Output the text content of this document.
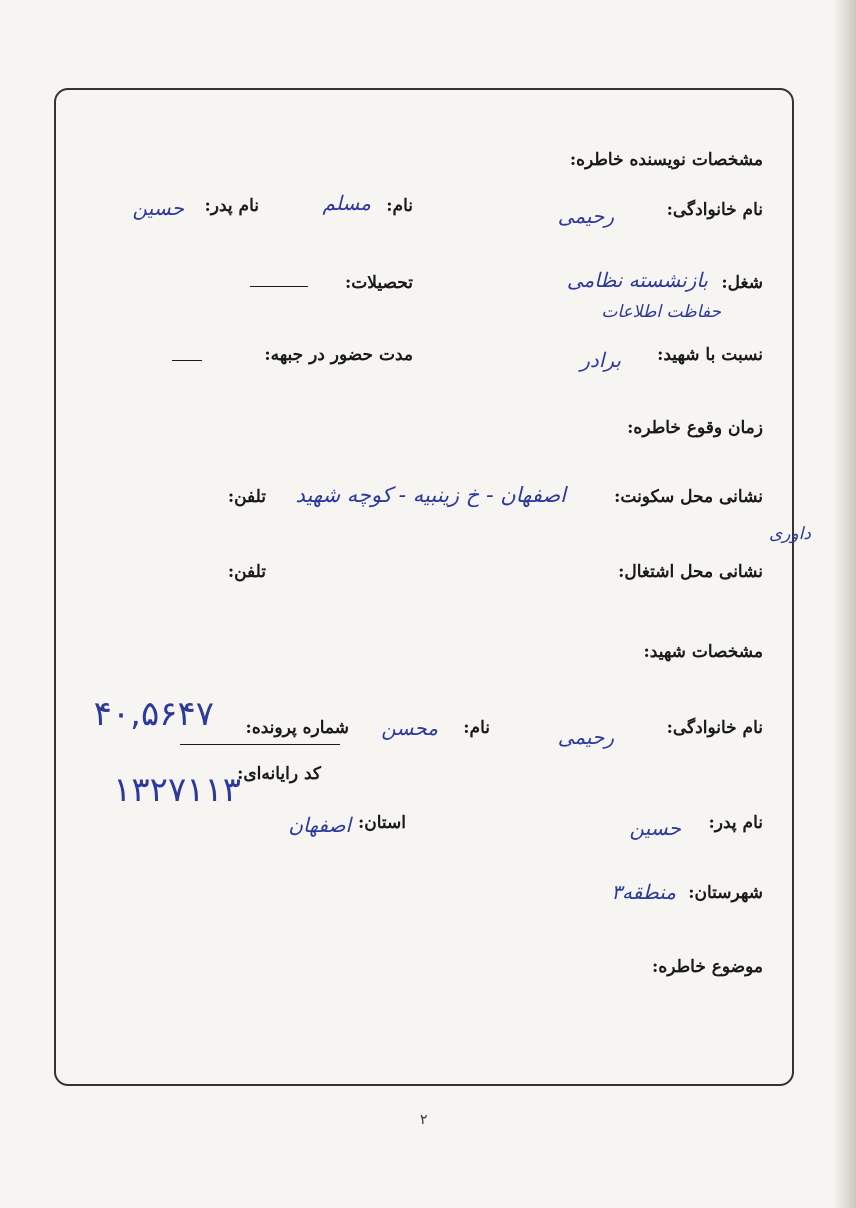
مشخصات نویسنده خاطره:
نام خانوادگی:
رحیمی
نام:
مسلم
نام پدر:
حسین
شغل:
بازنشسته نظامی
حفاظت اطلاعات
تحصیلات:
نسبت با شهید:
برادر
مدت حضور در جبهه:
زمان وقوع خاطره:
نشانی محل سکونت:
اصفهان - خ زینبیه - کوچه شهید
داوری
تلفن:
نشانی محل اشتغال:
تلفن:
مشخصات شهید:
نام خانوادگی:
رحیمی
نام:
محسن
شماره پرونده:
۴۰,۵۶۴۷
کد رایانه‌ای:
۱۳۲۷۱۱۳
نام پدر:
حسین
استان:
اصفهان
شهرستان:
منطقه۳
موضوع خاطره:
۲
